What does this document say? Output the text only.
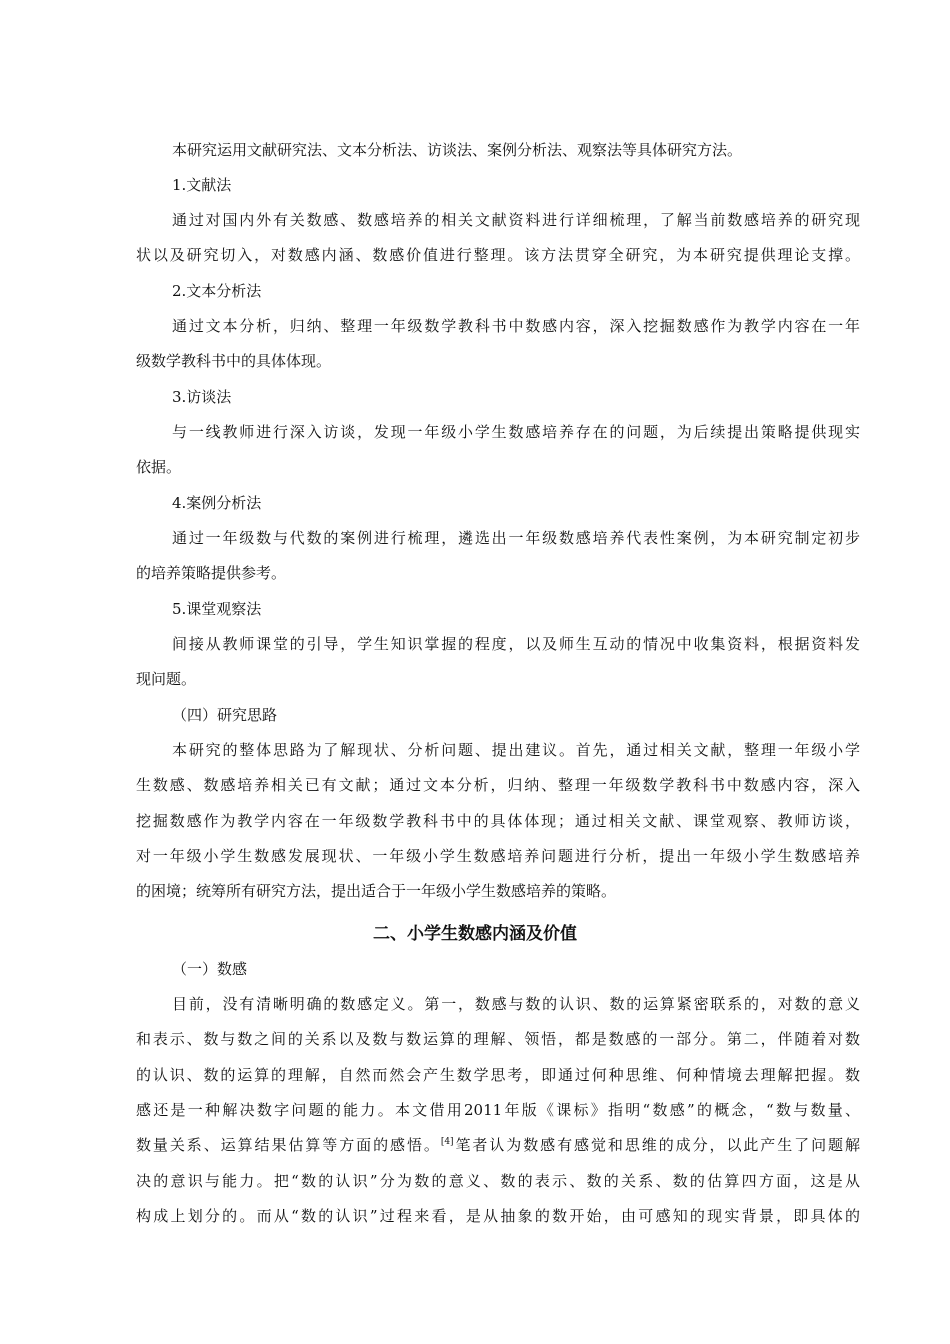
本研究运用文献研究法、文本分析法、访谈法、案例分析法、观察法等具体研究方法。
1.文献法
通过对国内外有关数感、数感培养的相关文献资料进行详细梳理，了解当前数感培养的研究现
状以及研究切入，对数感内涵、数感价值进行整理。该方法贯穿全研究，为本研究提供理论支撑。
2.文本分析法
通过文本分析，归纳、整理一年级数学教科书中数感内容，深入挖掘数感作为教学内容在一年
级数学教科书中的具体体现。
3.访谈法
与一线教师进行深入访谈，发现一年级小学生数感培养存在的问题，为后续提出策略提供现实
依据。
4.案例分析法
通过一年级数与代数的案例进行梳理，遴选出一年级数感培养代表性案例，为本研究制定初步
的培养策略提供参考。
5.课堂观察法
间接从教师课堂的引导，学生知识掌握的程度，以及师生互动的情况中收集资料，根据资料发
现问题。
（四）研究思路
本研究的整体思路为了解现状、分析问题、提出建议。首先，通过相关文献，整理一年级小学
生数感、数感培养相关已有文献；通过文本分析，归纳、整理一年级数学教科书中数感内容，深入
挖掘数感作为教学内容在一年级数学教科书中的具体体现；通过相关文献、课堂观察、教师访谈，
对一年级小学生数感发展现状、一年级小学生数感培养问题进行分析，提出一年级小学生数感培养
的困境；统筹所有研究方法，提出适合于一年级小学生数感培养的策略。
二、小学生数感内涵及价值
（一）数感
目前，没有清晰明确的数感定义。第一，数感与数的认识、数的运算紧密联系的，对数的意义
和表示、数与数之间的关系以及数与数运算的理解、领悟，都是数感的一部分。第二，伴随着对数
的认识、数的运算的理解，自然而然会产生数学思考，即通过何种思维、何种情境去理解把握。数
感还是一种解决数字问题的能力。本文借用2011年版《课标》指明“数感”的概念，“数与数量、
数量关系、运算结果估算等方面的感悟。[4]笔者认为数感有感觉和思维的成分，以此产生了问题解
决的意识与能力。把“数的认识”分为数的意义、数的表示、数的关系、数的估算四方面，这是从
构成上划分的。而从“数的认识”过程来看，是从抽象的数开始，由可感知的现实背景，即具体的
